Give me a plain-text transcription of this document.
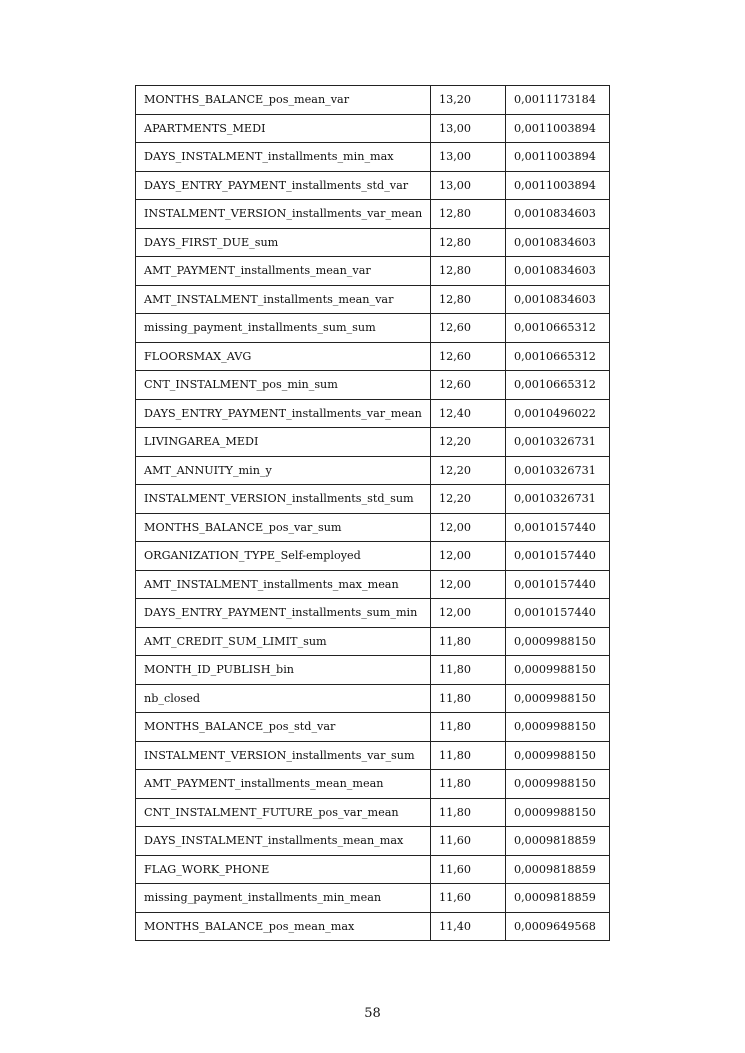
MONTHS_BALANCE_pos_mean_var	13,20	0,0011173184
APARTMENTS_MEDI	13,00	0,0011003894
DAYS_INSTALMENT_installments_min_max	13,00	0,0011003894
DAYS_ENTRY_PAYMENT_installments_std_var	13,00	0,0011003894
INSTALMENT_VERSION_installments_var_mean	12,80	0,0010834603
DAYS_FIRST_DUE_sum	12,80	0,0010834603
AMT_PAYMENT_installments_mean_var	12,80	0,0010834603
AMT_INSTALMENT_installments_mean_var	12,80	0,0010834603
missing_payment_installments_sum_sum	12,60	0,0010665312
FLOORSMAX_AVG	12,60	0,0010665312
CNT_INSTALMENT_pos_min_sum	12,60	0,0010665312
DAYS_ENTRY_PAYMENT_installments_var_mean	12,40	0,0010496022
LIVINGAREA_MEDI	12,20	0,0010326731
AMT_ANNUITY_min_y	12,20	0,0010326731
INSTALMENT_VERSION_installments_std_sum	12,20	0,0010326731
MONTHS_BALANCE_pos_var_sum	12,00	0,0010157440
ORGANIZATION_TYPE_Self-employed	12,00	0,0010157440
AMT_INSTALMENT_installments_max_mean	12,00	0,0010157440
DAYS_ENTRY_PAYMENT_installments_sum_min	12,00	0,0010157440
AMT_CREDIT_SUM_LIMIT_sum	11,80	0,0009988150
MONTH_ID_PUBLISH_bin	11,80	0,0009988150
nb_closed	11,80	0,0009988150
MONTHS_BALANCE_pos_std_var	11,80	0,0009988150
INSTALMENT_VERSION_installments_var_sum	11,80	0,0009988150
AMT_PAYMENT_installments_mean_mean	11,80	0,0009988150
CNT_INSTALMENT_FUTURE_pos_var_mean	11,80	0,0009988150
DAYS_INSTALMENT_installments_mean_max	11,60	0,0009818859
FLAG_WORK_PHONE	11,60	0,0009818859
missing_payment_installments_min_mean	11,60	0,0009818859
MONTHS_BALANCE_pos_mean_max	11,40	0,0009649568
58
